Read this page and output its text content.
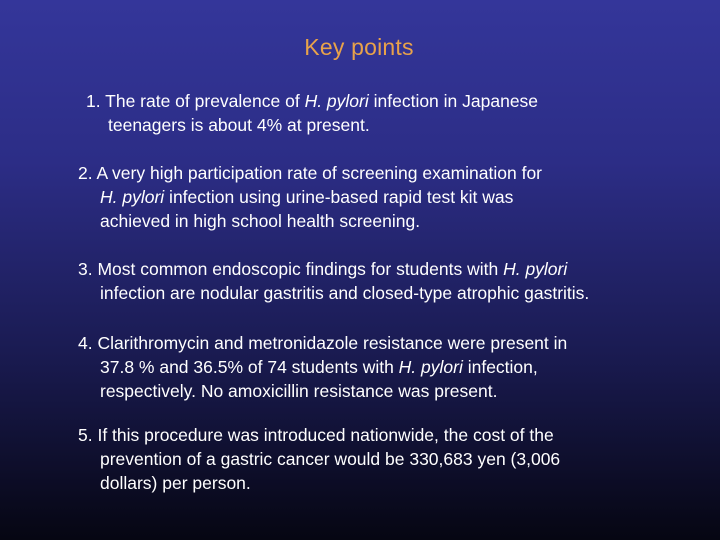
Key points
1. The rate of prevalence of H. pylori infection in Japanese
teenagers is about 4% at present.
2. A very high participation rate of screening examination for
H. pylori infection using urine-based rapid test kit was
achieved in high school health screening.
3. Most common endoscopic findings for students with H. pylori
infection are nodular gastritis and closed-type atrophic gastritis.
4. Clarithromycin and metronidazole resistance were present in
37.8 % and 36.5% of 74 students with H. pylori infection,
respectively. No amoxicillin resistance was present.
5. If this procedure was introduced nationwide, the cost of the
prevention of a gastric cancer would be 330,683 yen (3,006
dollars) per person.
